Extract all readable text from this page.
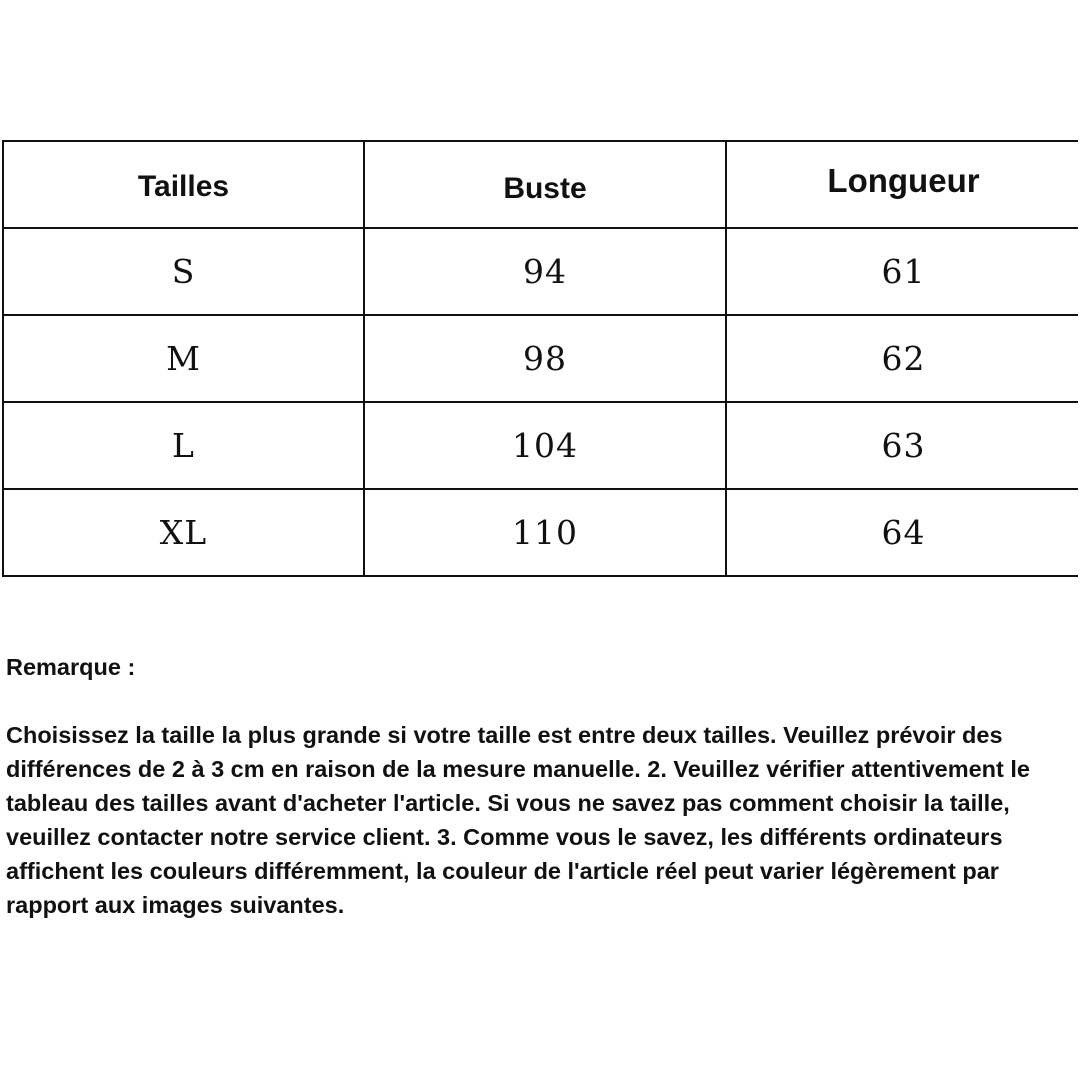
Tailles	Buste	Longueur
S	94	61
M	98	62
L	104	63
XL	110	64

Remarque :

Choisissez la taille la plus grande si votre taille est entre deux tailles. Veuillez prévoir des différences de 2 à 3 cm en raison de la mesure manuelle. 2. Veuillez vérifier attentivement le tableau des tailles avant d'acheter l'article. Si vous ne savez pas comment choisir la taille, veuillez contacter notre service client. 3. Comme vous le savez, les différents ordinateurs affichent les couleurs différemment, la couleur de l'article réel peut varier légèrement par rapport aux images suivantes.
